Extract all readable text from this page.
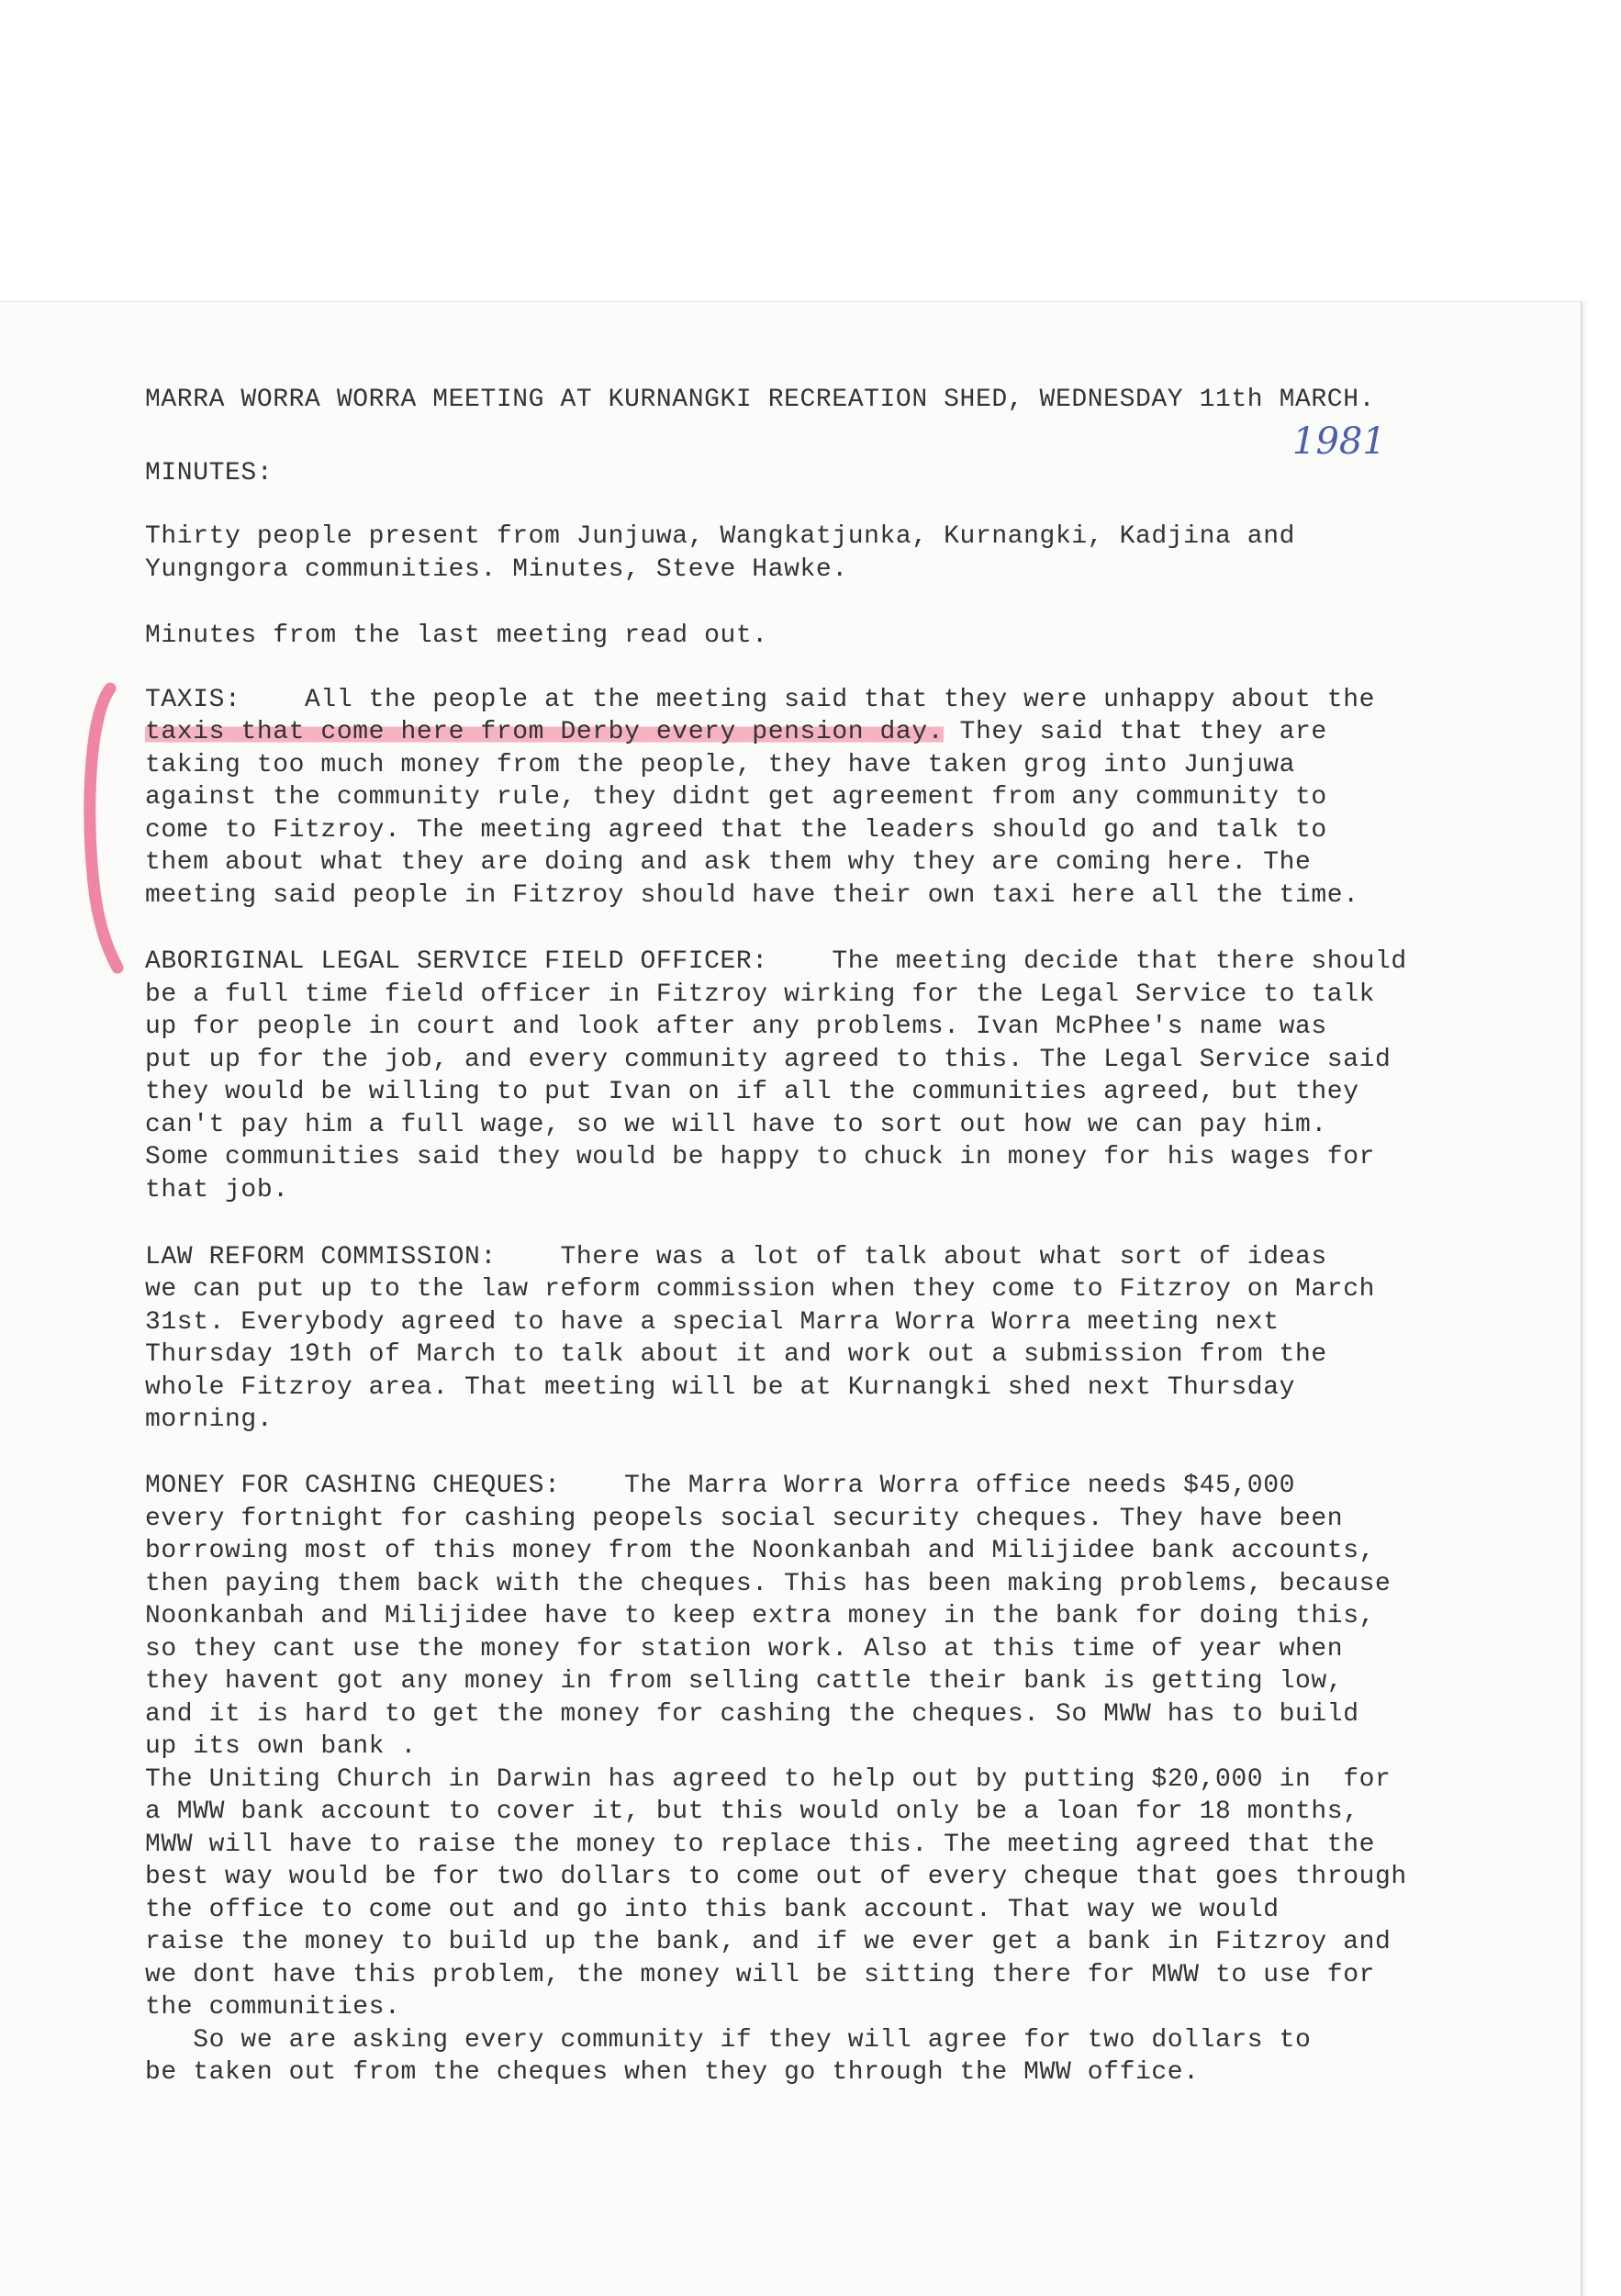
MARRA WORRA WORRA MEETING AT KURNANGKI RECREATION SHED, WEDNESDAY 11th MARCH.
1981
MINUTES:
Thirty people present from Junjuwa, Wangkatjunka, Kurnangki, Kadjina and
Yungngora communities. Minutes, Steve Hawke.
Minutes from the last meeting read out.
TAXIS:    All the people at the meeting said that they were unhappy about the
taxis that come here from Derby every pension day. They said that they are
taking too much money from the people, they have taken grog into Junjuwa
against the community rule, they didnt get agreement from any community to
come to Fitzroy. The meeting agreed that the leaders should go and talk to
them about what they are doing and ask them why they are coming here. The
meeting said people in Fitzroy should have their own taxi here all the time.
ABORIGINAL LEGAL SERVICE FIELD OFFICER:    The meeting decide that there should
be a full time field officer in Fitzroy wirking for the Legal Service to talk
up for people in court and look after any problems. Ivan McPhee's name was
put up for the job, and every community agreed to this. The Legal Service said
they would be willing to put Ivan on if all the communities agreed, but they
can't pay him a full wage, so we will have to sort out how we can pay him.
Some communities said they would be happy to chuck in money for his wages for
that job.
LAW REFORM COMMISSION:    There was a lot of talk about what sort of ideas
we can put up to the law reform commission when they come to Fitzroy on March
31st. Everybody agreed to have a special Marra Worra Worra meeting next
Thursday 19th of March to talk about it and work out a submission from the
whole Fitzroy area. That meeting will be at Kurnangki shed next Thursday
morning.
MONEY FOR CASHING CHEQUES:    The Marra Worra Worra office needs $45,000
every fortnight for cashing peopels social security cheques. They have been
borrowing most of this money from the Noonkanbah and Milijidee bank accounts,
then paying them back with the cheques. This has been making problems, because
Noonkanbah and Milijidee have to keep extra money in the bank for doing this,
so they cant use the money for station work. Also at this time of year when
they havent got any money in from selling cattle their bank is getting low,
and it is hard to get the money for cashing the cheques. So MWW has to build
up its own bank .
The Uniting Church in Darwin has agreed to help out by putting $20,000 in  for
a MWW bank account to cover it, but this would only be a loan for 18 months,
MWW will have to raise the money to replace this. The meeting agreed that the
best way would be for two dollars to come out of every cheque that goes through
the office to come out and go into this bank account. That way we would
raise the money to build up the bank, and if we ever get a bank in Fitzroy and
we dont have this problem, the money will be sitting there for MWW to use for
the communities.
So we are asking every community if they will agree for two dollars to
be taken out from the cheques when they go through the MWW office.
